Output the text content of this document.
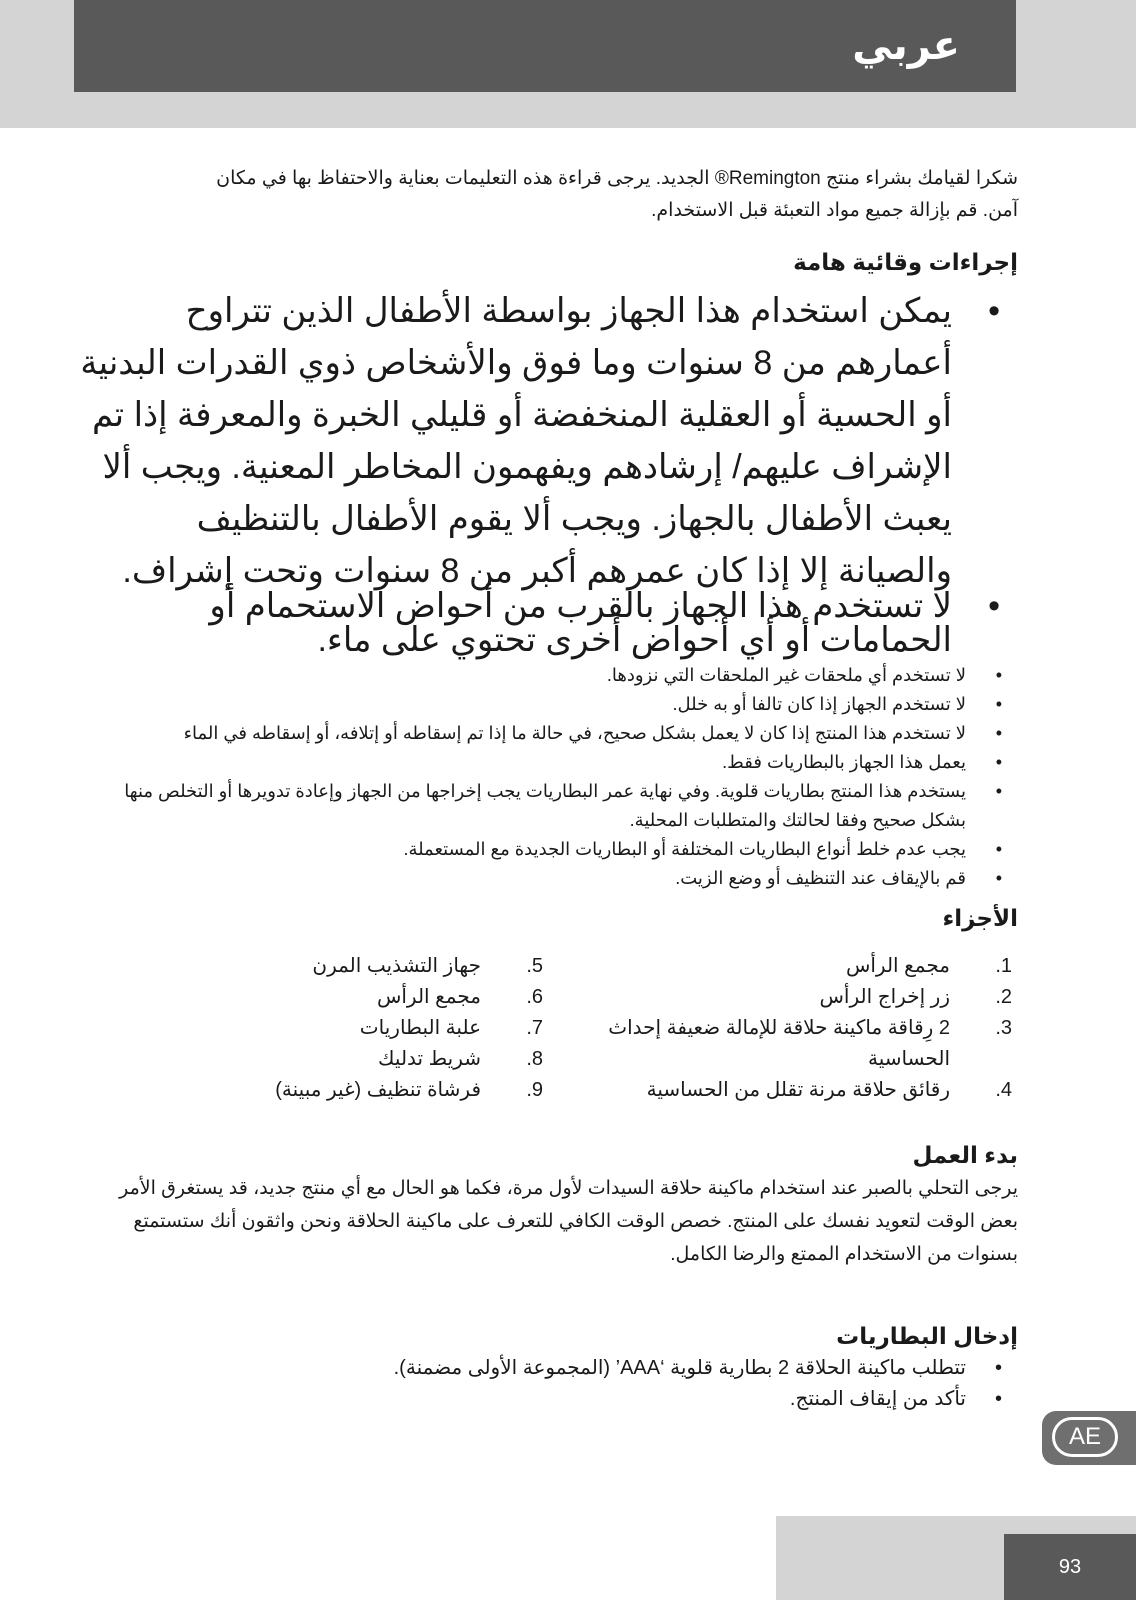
عربي

شكرا لقيامك بشراء منتج Remington® الجديد. يرجى قراءة هذه التعليمات بعناية والاحتفاظ بها في مكان
آمن. قم بإزالة جميع مواد التعبئة قبل الاستخدام.

إجراءات وقائية هامة
• يمكن استخدام هذا الجهاز بواسطة الأطفال الذين تتراوح أعمارهم من 8 سنوات وما فوق والأشخاص ذوي القدرات البدنية أو الحسية أو العقلية المنخفضة أو قليلي الخبرة والمعرفة إذا تم الإشراف عليهم/ إرشادهم ويفهمون المخاطر المعنية. ويجب ألا يعبث الأطفال بالجهاز. ويجب ألا يقوم الأطفال بالتنظيف والصيانة إلا إذا كان عمرهم أكبر من 8 سنوات وتحت إشراف.
• لا تستخدم هذا الجهاز بالقرب من أحواض الاستحمام أو الحمامات أو أي أحواض أخرى تحتوي على ماء.
• لا تستخدم أي ملحقات غير الملحقات التي نزودها.
• لا تستخدم الجهاز إذا كان تالفا أو به خلل.
• لا تستخدم هذا المنتج إذا كان لا يعمل بشكل صحيح، في حالة ما إذا تم إسقاطه أو إتلافه، أو إسقاطه في الماء
• يعمل هذا الجهاز بالبطاريات فقط.
• يستخدم هذا المنتج بطاريات قلوية. وفي نهاية عمر البطاريات يجب إخراجها من الجهاز وإعادة تدويرها أو التخلص منها بشكل صحيح وفقا لحالتك والمتطلبات المحلية.
• يجب عدم خلط أنواع البطاريات المختلفة أو البطاريات الجديدة مع المستعملة.
• قم بالإيقاف عند التنظيف أو وضع الزيت.
الأجزاء
1.
مجمع الرأس
2.
زر إخراج الرأس
3.
2 رِقاقة ماكينة حلاقة للإمالة ضعيفة إحداث الحساسية
4.
رقائق حلاقة مرنة تقلل من الحساسية
5.
جهاز التشذيب المرن
6.
مجمع الرأس
7.
علبة البطاريات
8.
شريط تدليك
9.
فرشاة تنظيف (غير مبينة)
بدء العمل

يرجى التحلي بالصبر عند استخدام ماكينة حلاقة السيدات لأول مرة، فكما هو الحال مع أي منتج جديد، قد يستغرق الأمر بعض الوقت لتعويد نفسك على المنتج. خصص الوقت الكافي للتعرف على ماكينة الحلاقة ونحن واثقون أنك ستستمتع بسنوات من الاستخدام الممتع والرضا الكامل.

إدخال البطاريات
• تتطلب ماكينة الحلاقة 2 بطارية قلوية ‘AAA’ (المجموعة الأولى مضمنة).
• تأكد من إيقاف المنتج.
AE
93
